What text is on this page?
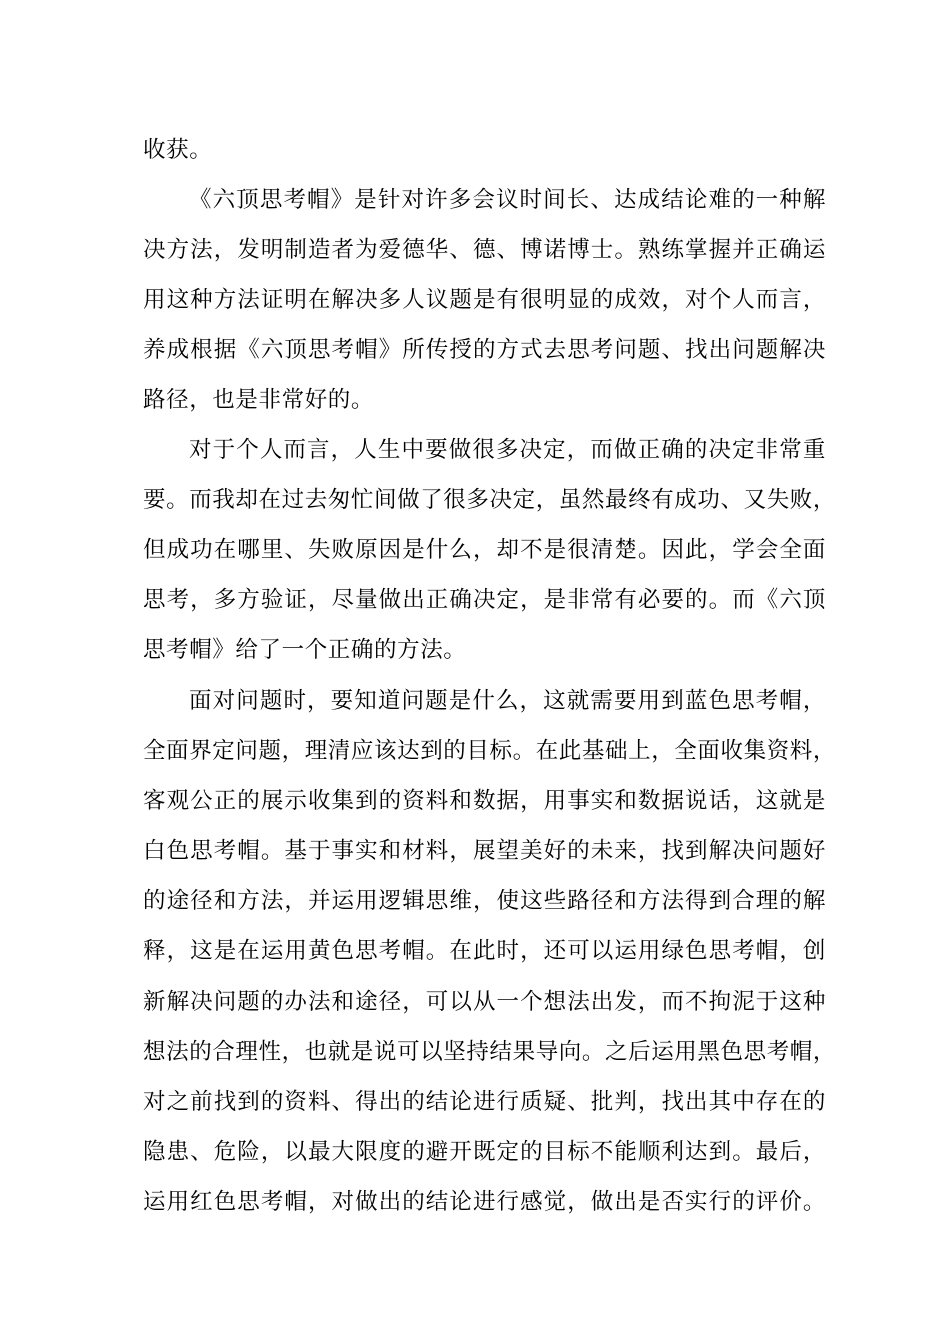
收获。
《六顶思考帽》是针对许多会议时间长、达成结论难的一种解
决方法，发明制造者为爱德华、德、博诺博士。熟练掌握并正确运
用这种方法证明在解决多人议题是有很明显的成效，对个人而言，
养成根据《六顶思考帽》所传授的方式去思考问题、找出问题解决
路径，也是非常好的。
对于个人而言，人生中要做很多决定，而做正确的决定非常重
要。而我却在过去匆忙间做了很多决定，虽然最终有成功、又失败，
但成功在哪里、失败原因是什么，却不是很清楚。因此，学会全面
思考，多方验证，尽量做出正确决定，是非常有必要的。而《六顶
思考帽》给了一个正确的方法。
面对问题时，要知道问题是什么，这就需要用到蓝色思考帽，
全面界定问题，理清应该达到的目标。在此基础上，全面收集资料，
客观公正的展示收集到的资料和数据，用事实和数据说话，这就是
白色思考帽。基于事实和材料，展望美好的未来，找到解决问题好
的途径和方法，并运用逻辑思维，使这些路径和方法得到合理的解
释，这是在运用黄色思考帽。在此时，还可以运用绿色思考帽，创
新解决问题的办法和途径，可以从一个想法出发，而不拘泥于这种
想法的合理性，也就是说可以坚持结果导向。之后运用黑色思考帽，
对之前找到的资料、得出的结论进行质疑、批判，找出其中存在的
隐患、危险，以最大限度的避开既定的目标不能顺利达到。最后，
运用红色思考帽，对做出的结论进行感觉，做出是否实行的评价。
